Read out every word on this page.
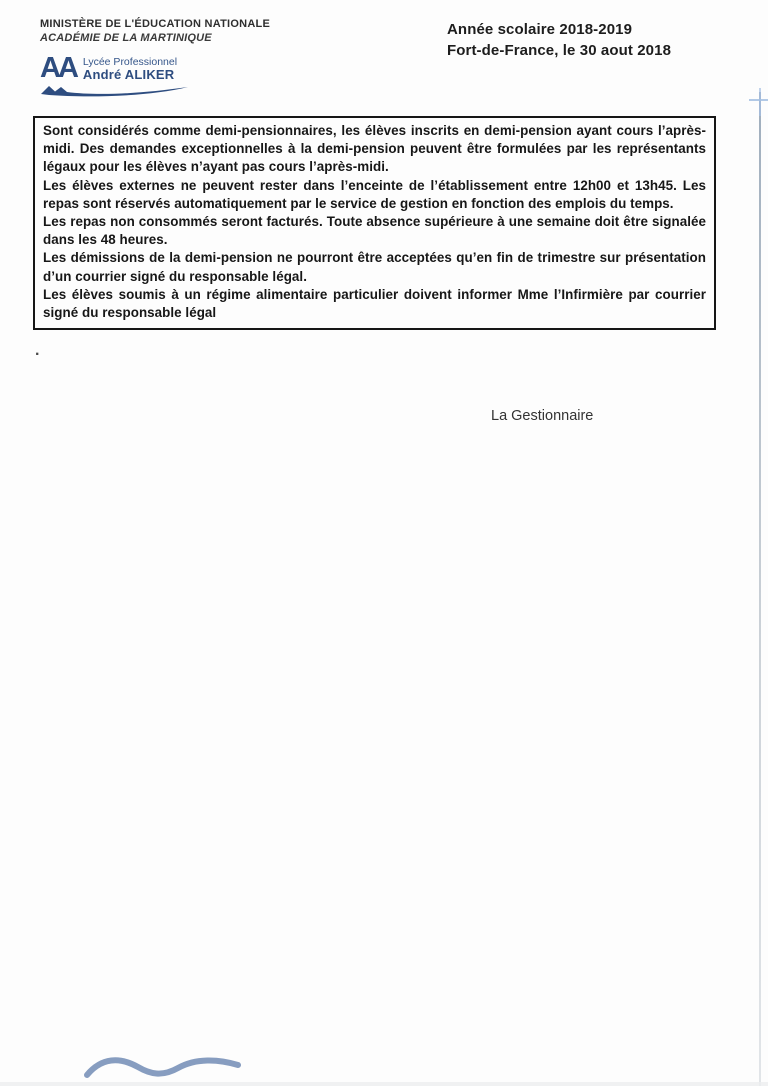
MINISTÈRE DE L'ÉDUCATION NATIONALE
ACADÉMIE DE LA MARTINIQUE
AA Lycée Professionnel
André ALIKER
Année scolaire 2018-2019
Fort-de-France, le 30 aout 2018

Sont considérés comme demi-pensionnaires, les élèves inscrits en demi-pension ayant cours l’après-midi. Des demandes exceptionnelles à la demi-pension peuvent être formulées par les représentants légaux pour les élèves n’ayant pas cours l’après-midi.

Les élèves externes ne peuvent rester dans l’enceinte de l’établissement entre 12h00 et 13h45. Les repas sont réservés automatiquement par le service de gestion en fonction des emplois du temps.

Les repas non consommés seront facturés. Toute absence supérieure à une semaine doit être signalée dans les 48 heures.

Les démissions de la demi-pension ne pourront être acceptées qu’en fin de trimestre sur présentation d’un courrier signé du responsable légal.

Les élèves soumis à un régime alimentaire particulier doivent informer Mme l’Infirmière par courrier signé du responsable légal

.
La Gestionnaire
